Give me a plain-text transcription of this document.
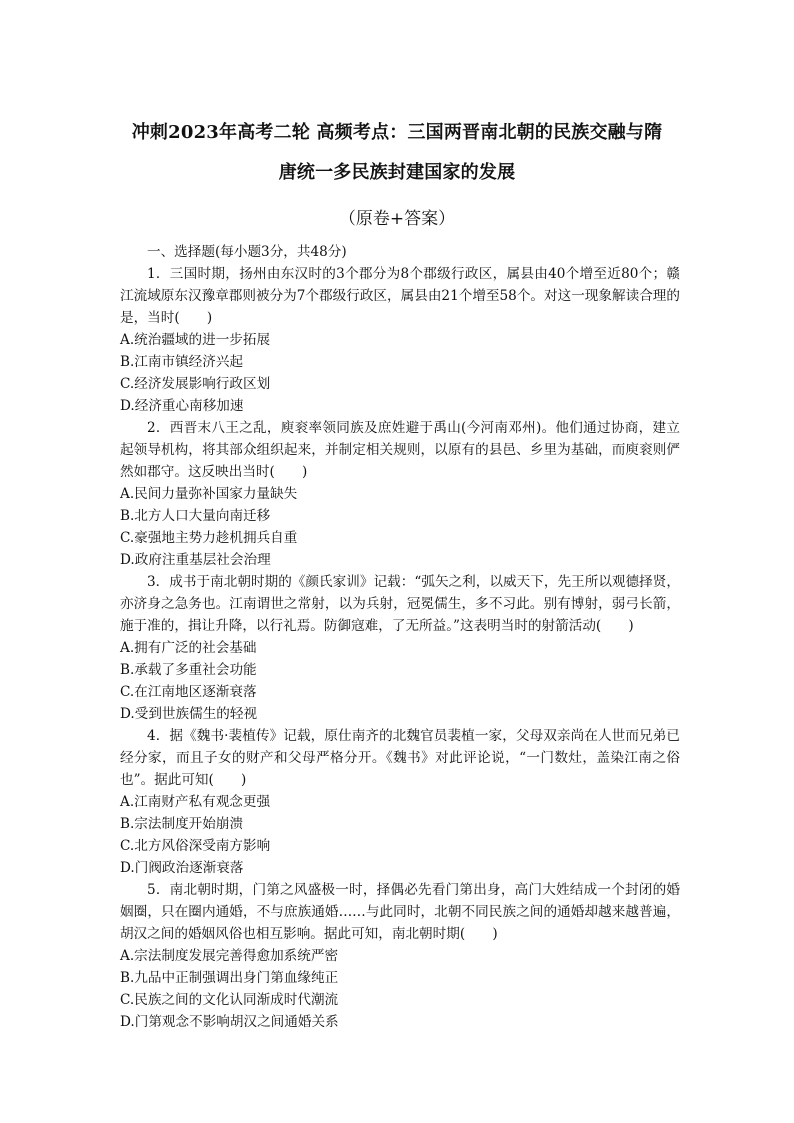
冲刺2023年高考二轮 高频考点：三国两晋南北朝的民族交融与隋
唐统一多民族封建国家的发展
（原卷+答案）

一、选择题(每小题3分，共48分)

1．三国时期，扬州由东汉时的3个郡分为8个郡级行政区，属县由40个增至近80个；赣江流域原东汉豫章郡则被分为7个郡级行政区，属县由21个增至58个。对这一现象解读合理的是，当时(　　)

A.统治疆域的进一步拓展

B.江南市镇经济兴起

C.经济发展影响行政区划

D.经济重心南移加速

2．西晋末八王之乱，庾衮率领同族及庶姓避于禹山(今河南邓州)。他们通过协商，建立起领导机构，将其部众组织起来，并制定相关规则，以原有的县邑、乡里为基础，而庾衮则俨然如郡守。这反映出当时(　　)

A.民间力量弥补国家力量缺失

B.北方人口大量向南迁移

C.豪强地主势力趁机拥兵自重

D.政府注重基层社会治理

3．成书于南北朝时期的《颜氏家训》记载：“弧矢之利，以威天下，先王所以观德择贤，亦济身之急务也。江南谓世之常射，以为兵射，冠冕儒生，多不习此。别有博射，弱弓长箭，施于准的，揖让升降，以行礼焉。防御寇难，了无所益。”这表明当时的射箭活动(　　)

A.拥有广泛的社会基础

B.承载了多重社会功能

C.在江南地区逐渐衰落

D.受到世族儒生的轻视

4．据《魏书·裴植传》记载，原仕南齐的北魏官员裴植一家，父母双亲尚在人世而兄弟已经分家，而且子女的财产和父母严格分开。《魏书》对此评论说，“一门数灶，盖染江南之俗也”。据此可知(　　)

A.江南财产私有观念更强

B.宗法制度开始崩溃

C.北方风俗深受南方影响

D.门阀政治逐渐衰落

5．南北朝时期，门第之风盛极一时，择偶必先看门第出身，高门大姓结成一个封闭的婚姻圈，只在圈内通婚，不与庶族通婚……与此同时，北朝不同民族之间的通婚却越来越普遍，胡汉之间的婚姻风俗也相互影响。据此可知，南北朝时期(　　)

A.宗法制度发展完善得愈加系统严密

B.九品中正制强调出身门第血缘纯正

C.民族之间的文化认同渐成时代潮流

D.门第观念不影响胡汉之间通婚关系
